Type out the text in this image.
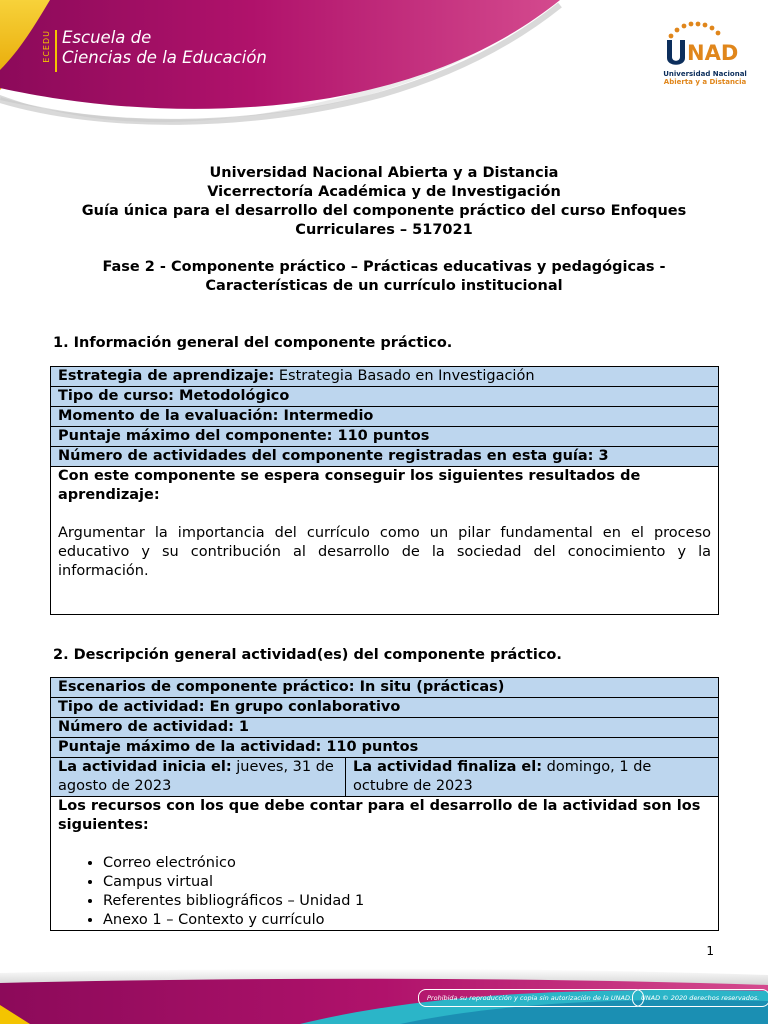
ECEDU Escuela de
Ciencias de la Educación	NAD
Universidad Nacional
Abierta y a Distancia
Universidad Nacional Abierta y a Distancia
Vicerrectoría Académica y de Investigación
Guía única para el desarrollo del componente práctico del curso Enfoques
Curriculares – 517021
Fase 2 - Componente práctico – Prácticas educativas y pedagógicas -
Características de un currículo institucional
1. Información general del componente práctico.
Estrategia de aprendizaje: Estrategia Basado en Investigación
Tipo de curso: Metodológico
Momento de la evaluación: Intermedio
Puntaje máximo del componente: 110 puntos
Número de actividades del componente registradas en esta guía: 3

Con este componente se espera conseguir los siguientes resultados de aprendizaje:
Argumentar la importancia del currículo como un pilar fundamental en el proceso educativo y su contribución al desarrollo de la sociedad del conocimiento y la información.
2. Descripción general actividad(es) del componente práctico.
Escenarios de componente práctico: In situ (prácticas)
Tipo de actividad: En grupo conlaborativo
Número de actividad: 1
Puntaje máximo de la actividad: 110 puntos
La actividad inicia el: jueves, 31 de agosto de 2023	La actividad finaliza el: domingo, 1 de octubre de 2023

Los recursos con los que debe contar para el desarrollo de la actividad son los siguientes:
• Correo electrónico
• Campus virtual
• Referentes bibliográficos – Unidad 1
• Anexo 1 – Contexto y currículo
1
Prohibida su reproducción y copia sin autorización de la UNAD.	UNAD © 2020 derechos reservados.
